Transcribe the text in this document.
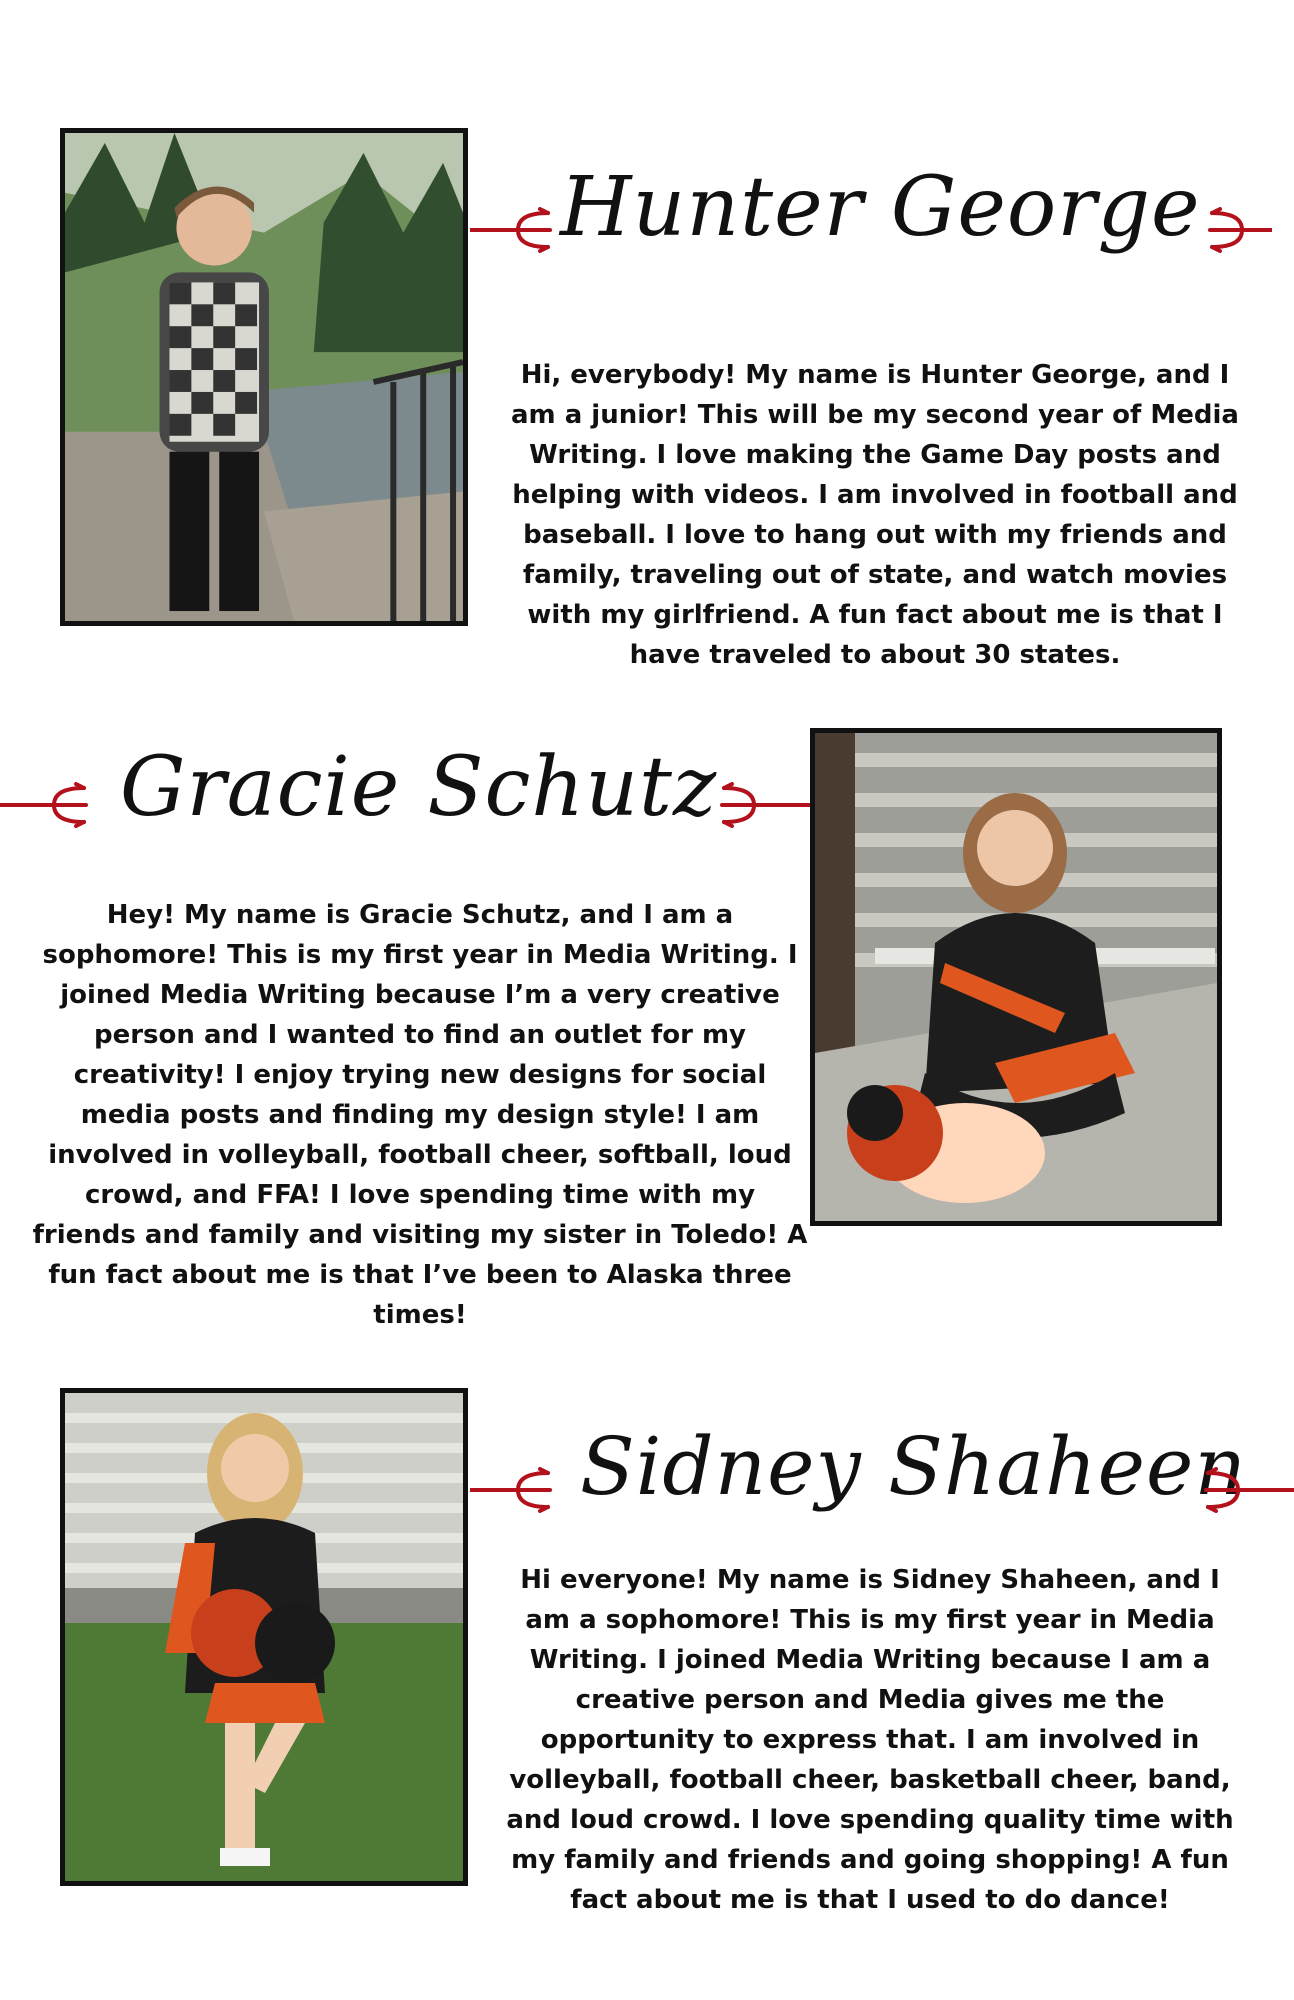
Hunter George
Hi, everybody! My name is Hunter George, and I am a junior! This will be my second year of Media Writing. I love making the Game Day posts and helping with videos. I am involved in football and baseball. I love to hang out with my friends and family, traveling out of state, and watch movies with my girlfriend. A fun fact about me is that I have traveled to about 30 states.
Gracie Schutz
Hey! My name is Gracie Schutz, and I am a sophomore! This is my first year in Media Writing. I joined Media Writing because I’m a very creative person and I wanted to find an outlet for my creativity! I enjoy trying new designs for social media posts and finding my design style! I am involved in volleyball, football cheer, softball, loud crowd, and FFA! I love spending time with my friends and family and visiting my sister in Toledo! A fun fact about me is that I’ve been to Alaska three times!
Sidney Shaheen
Hi everyone! My name is Sidney Shaheen, and I am a sophomore! This is my first year in Media Writing. I joined Media Writing because I am a creative person and Media gives me the opportunity to express that. I am involved in volleyball, football cheer, basketball cheer, band, and loud crowd. I love spending quality time with my family and friends and going shopping! A fun fact about me is that I used to do dance!
